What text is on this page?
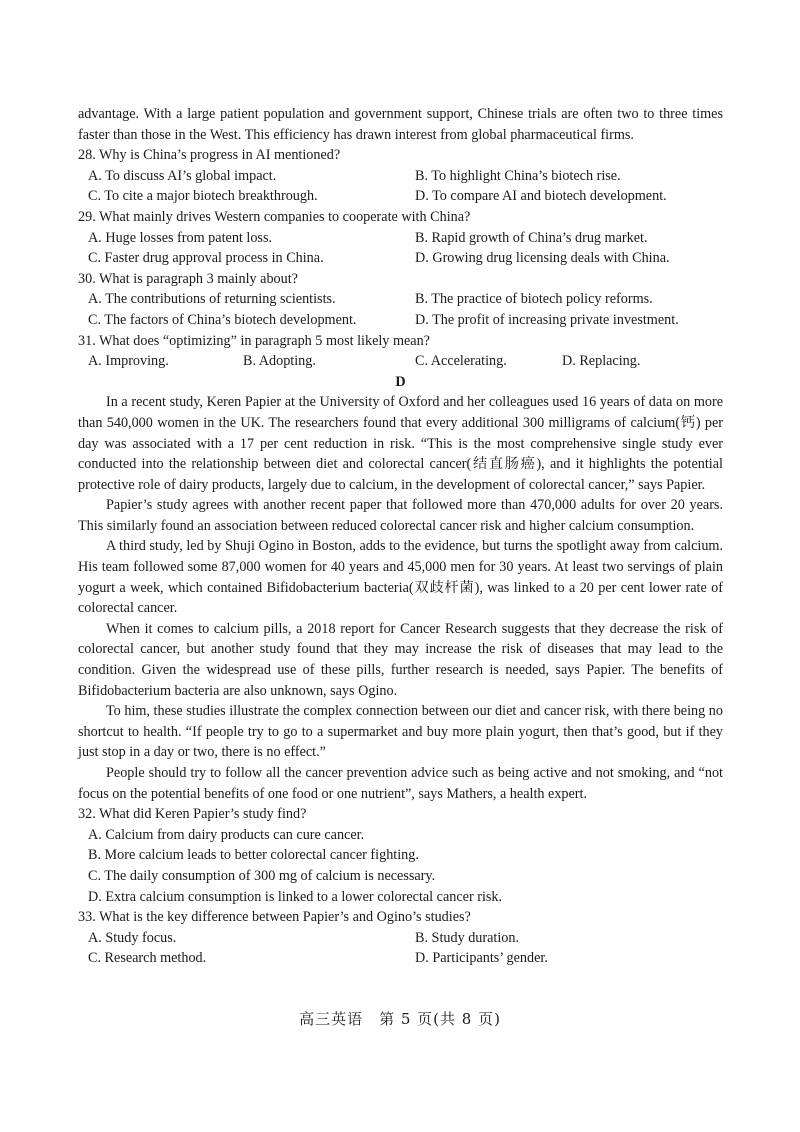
advantage. With a large patient population and government support, Chinese trials are often two to three times faster than those in the West. This efficiency has drawn interest from global pharmaceutical firms.

28. Why is China’s progress in AI mentioned?

A. To discuss AI’s global impact.	B. To highlight China’s biotech rise.
C. To cite a major biotech breakthrough.	D. To compare AI and biotech development.

29. What mainly drives Western companies to cooperate with China?

A. Huge losses from patent loss.	B. Rapid growth of China’s drug market.
C. Faster drug approval process in China.	D. Growing drug licensing deals with China.

30. What is paragraph 3 mainly about?

A. The contributions of returning scientists.	B. The practice of biotech policy reforms.
C. The factors of China’s biotech development.	D. The profit of increasing private investment.

31. What does “optimizing” in paragraph 5 most likely mean?

A. Improving.	B. Adopting.	C. Accelerating.	D. Replacing.

D

In a recent study, Keren Papier at the University of Oxford and her colleagues used 16 years of data on more than 540,000 women in the UK. The researchers found that every additional 300 milligrams of calcium(钙) per day was associated with a 17 per cent reduction in risk. “This is the most comprehensive single study ever conducted into the relationship between diet and colorectal cancer(结直肠癌), and it highlights the potential protective role of dairy products, largely due to calcium, in the development of colorectal cancer,” says Papier.

Papier’s study agrees with another recent paper that followed more than 470,000 adults for over 20 years. This similarly found an association between reduced colorectal cancer risk and higher calcium consumption.

A third study, led by Shuji Ogino in Boston, adds to the evidence, but turns the spotlight away from calcium. His team followed some 87,000 women for 40 years and 45,000 men for 30 years. At least two servings of plain yogurt a week, which contained Bifidobacterium bacteria(双歧杆菌), was linked to a 20 per cent lower rate of colorectal cancer.

When it comes to calcium pills, a 2018 report for Cancer Research suggests that they decrease the risk of colorectal cancer, but another study found that they may increase the risk of diseases that may lead to the condition. Given the widespread use of these pills, further research is needed, says Papier. The benefits of Bifidobacterium bacteria are also unknown, says Ogino.

To him, these studies illustrate the complex connection between our diet and cancer risk, with there being no shortcut to health. “If people try to go to a supermarket and buy more plain yogurt, then that’s good, but if they just stop in a day or two, there is no effect.”

People should try to follow all the cancer prevention advice such as being active and not smoking, and “not focus on the potential benefits of one food or one nutrient”, says Mathers, a health expert.

32. What did Keren Papier’s study find?

A. Calcium from dairy products can cure cancer.
B. More calcium leads to better colorectal cancer fighting.
C. The daily consumption of 300 mg of calcium is necessary.
D. Extra calcium consumption is linked to a lower colorectal cancer risk.

33. What is the key difference between Papier’s and Ogino’s studies?

A. Study focus.	B. Study duration.
C. Research method.	D. Participants’ gender.
高三英语　第 5 页(共 8 页)
